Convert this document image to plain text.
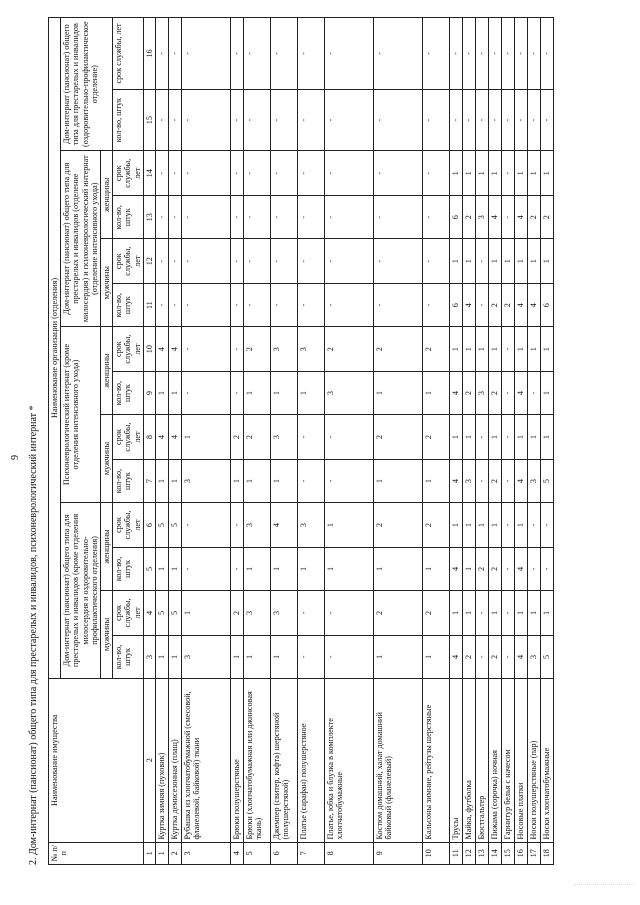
9 2. Дом-интернат (пансионат) общего типа для престарелых и инвалидов, психоневрологический интернат * № п/п	Наименование имущества	Наименование организации (отделения)													
		Дом-интернат (пансионат) общего типа для престарелых и инвалидов (кроме отделения милосердия и оздоровительно-профилактического отделения)				Психоневрологический интернат (кроме отделения интенсивного ухода)				Дом-интернат (пансионат) общего типа для престарелых и инвалидов (отделение милосердия) и психоневрологический интернат (отделение интенсивного ухода)				Дом-интернат (пансионат) общего типа для престарелых и инвалидов (оздоровительно-профилактическое отделение)	
		мужчины		женщины		мужчины		женщины		мужчины		женщины			
		кол-во, штук	срок службы, лет	кол-во, штук	срок службы, лет	кол-во, штук	срок службы, лет	кол-во, штук	срок службы, лет	кол-во, штук	срок службы, лет	кол-во, штук	срок службы, лет	кол-во, штук	срок службы, лет
1	2	3	4	5	6	7	8	9	10	11	12	13	14	15	16
1	Куртка зимняя (пуховик)	1	5	1	5	1	4	1	4	-	-	-	-	-	-
2	Куртка демисезонная (плащ)	1	5	1	5	1	4	1	4	-	-	-	-	-	-
3	Рубашка из хлопчатобумажной (смесовой, фланелевой, байковой) ткани	3	1	-	-	3	1	-	-	-	-	-	-	-	-
4	Брюки полушерстяные	1	2	-	-	1	2	-	-	-	-	-	-	-	-
5	Брюки (хлопчатобумажная или джинсовая ткань)	1	3	1	3	1	2	1	2	-	-	-	-	-	-
6	Джемпер (свитер, кофта) шерстяной (полушерстяной)	1	3	1	4	1	3	1	3	-	-	-	-	-	-
7	Платье (сарафан) полушерстяное	-	-	1	3	-	-	1	3	-	-	-	-	-	-
8	Платье, юбка и блузка в комплекте хлопчатобумажные	-	-	1	1	-	-	3	2	-	-	-	-	-	-
9	Костюм домашний, халат домашний байковый (фланелевый)	1	2	1	2	1	2	1	2	-	-	-	-	-	-
10	Кальсоны зимние, рейтузы шерстяные	1	2	1	2	1	2	1	2	-	-	-	-	-	-
11	Трусы	4	1	4	1	4	1	4	1	6	1	6	1	-	-
12	Майка, футболка	2	1	1	1	3	1	2	1	4	1	2	1	-	-
13	Бюстгальтер	-	-	2	1	-	-	3	1	-	-	3	1	-	-
14	Пижама (сорочка) ночная	2	1	2	1	2	1	2	1	2	1	4	1	-	-
15	Гарнитур белья с начесом	-	-	-	-	-	-	-	-	2	1	-	-	-	-
16	Носовые платки	4	1	4	1	4	1	4	1	4	1	4	1	-	-
17	Носки полушерстяные (пар)	3	1	-	-	3	1	-	1	4	1	2	1	-	-
18	Носки хлопчатобумажные	5	1	-	-	5	1	1	1	6	1	2	1	-	-
